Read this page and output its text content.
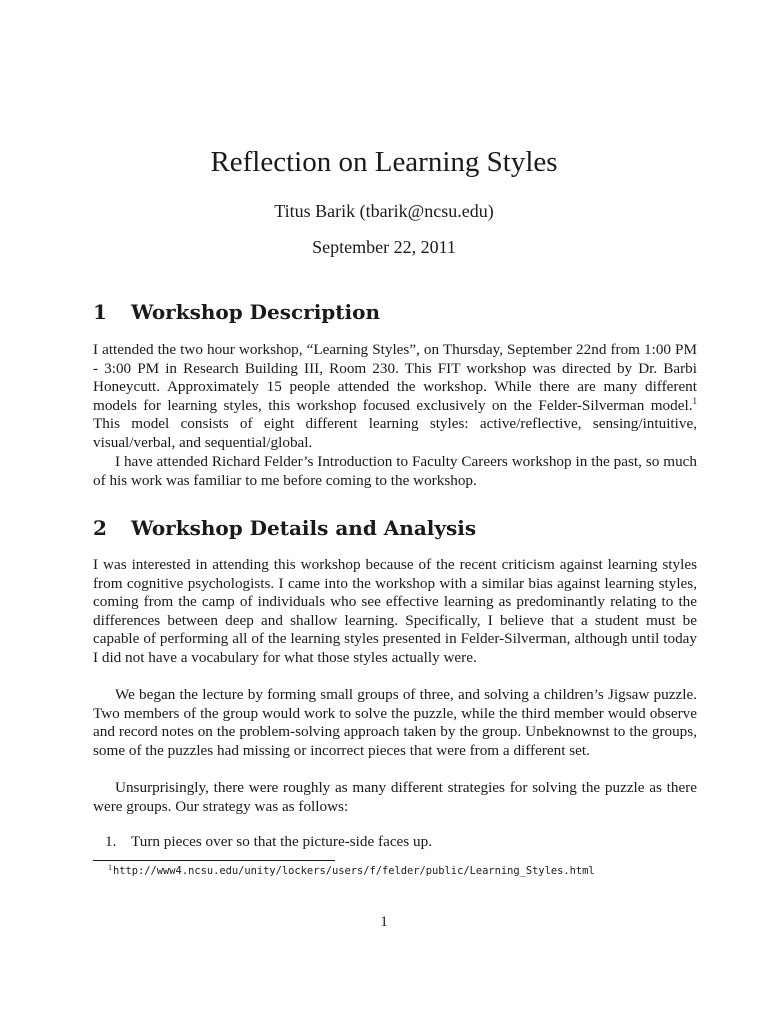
Reflection on Learning Styles
Titus Barik (tbarik@ncsu.edu)
September 22, 2011
1 Workshop Description

I attended the two hour workshop, “Learning Styles”, on Thursday, September 22nd from 1:00 PM - 3:00 PM in Research Building III, Room 230. This FIT workshop was directed by Dr. Barbi Honeycutt. Approximately 15 people attended the workshop. While there are many different models for learning styles, this workshop focused exclusively on the Felder-Silverman model.$^1$ This model consists of eight different learning styles: active/reflective, sensing/intuitive, visual/verbal, and sequential/global.

I have attended Richard Felder’s Introduction to Faculty Careers workshop in the past, so much of his work was familiar to me before coming to the workshop.

2 Workshop Details and Analysis

I was interested in attending this workshop because of the recent criticism against learning styles from cognitive psychologists. I came into the workshop with a similar bias against learning styles, coming from the camp of individuals who see effective learning as predominantly relating to the differences between deep and shallow learning. Specifically, I believe that a student must be capable of performing all of the learning styles presented in Felder-Silverman, although until today I did not have a vocabulary for what those styles actually were.

We began the lecture by forming small groups of three, and solving a children’s Jigsaw puzzle. Two members of the group would work to solve the puzzle, while the third member would observe and record notes on the problem-solving approach taken by the group. Unbeknownst to the groups, some of the puzzles had missing or incorrect pieces that were from a different set.

Unsurprisingly, there were roughly as many different strategies for solving the puzzle as there were groups. Our strategy was as follows:

1. Turn pieces over so that the picture-side faces up.
$^1$http://www4.ncsu.edu/unity/lockers/users/f/felder/public/Learning_Styles.html
1
